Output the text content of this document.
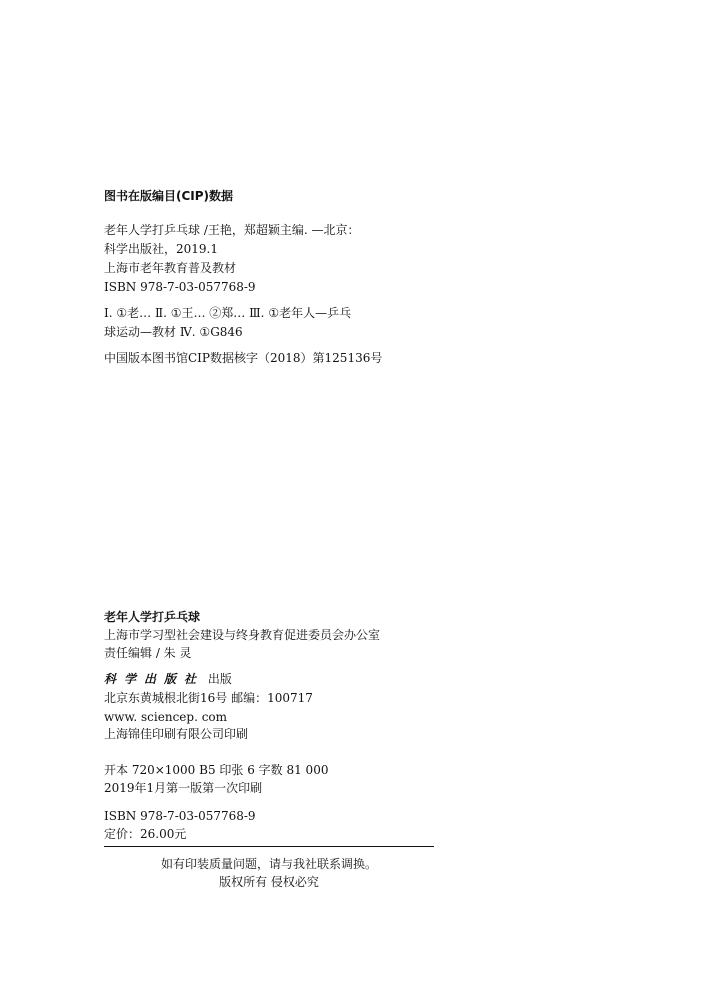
图书在版编目(CIP)数据
老年人学打乒乓球 /王艳，郑超颖主编. —北京：
科学出版社，2019.1
上海市老年教育普及教材
ISBN 978-7-03-057768-9
Ⅰ. ①老… Ⅱ. ①王… ②郑… Ⅲ. ①老年人—乒乓
球运动—教材 Ⅳ. ①G846
中国版本图书馆CIP数据核字（2018）第125136号
老年人学打乒乓球
上海市学习型社会建设与终身教育促进委员会办公室
责任编辑 / 朱 灵
科学出版社 出版
北京东黄城根北街16号 邮编：100717
www. sciencep. com
上海锦佳印刷有限公司印刷
开本 720×1000 B5 印张 6 字数 81 000
2019年1月第一版第一次印刷
ISBN 978-7-03-057768-9
定价：26.00元
如有印装质量问题，请与我社联系调换。
版权所有 侵权必究
